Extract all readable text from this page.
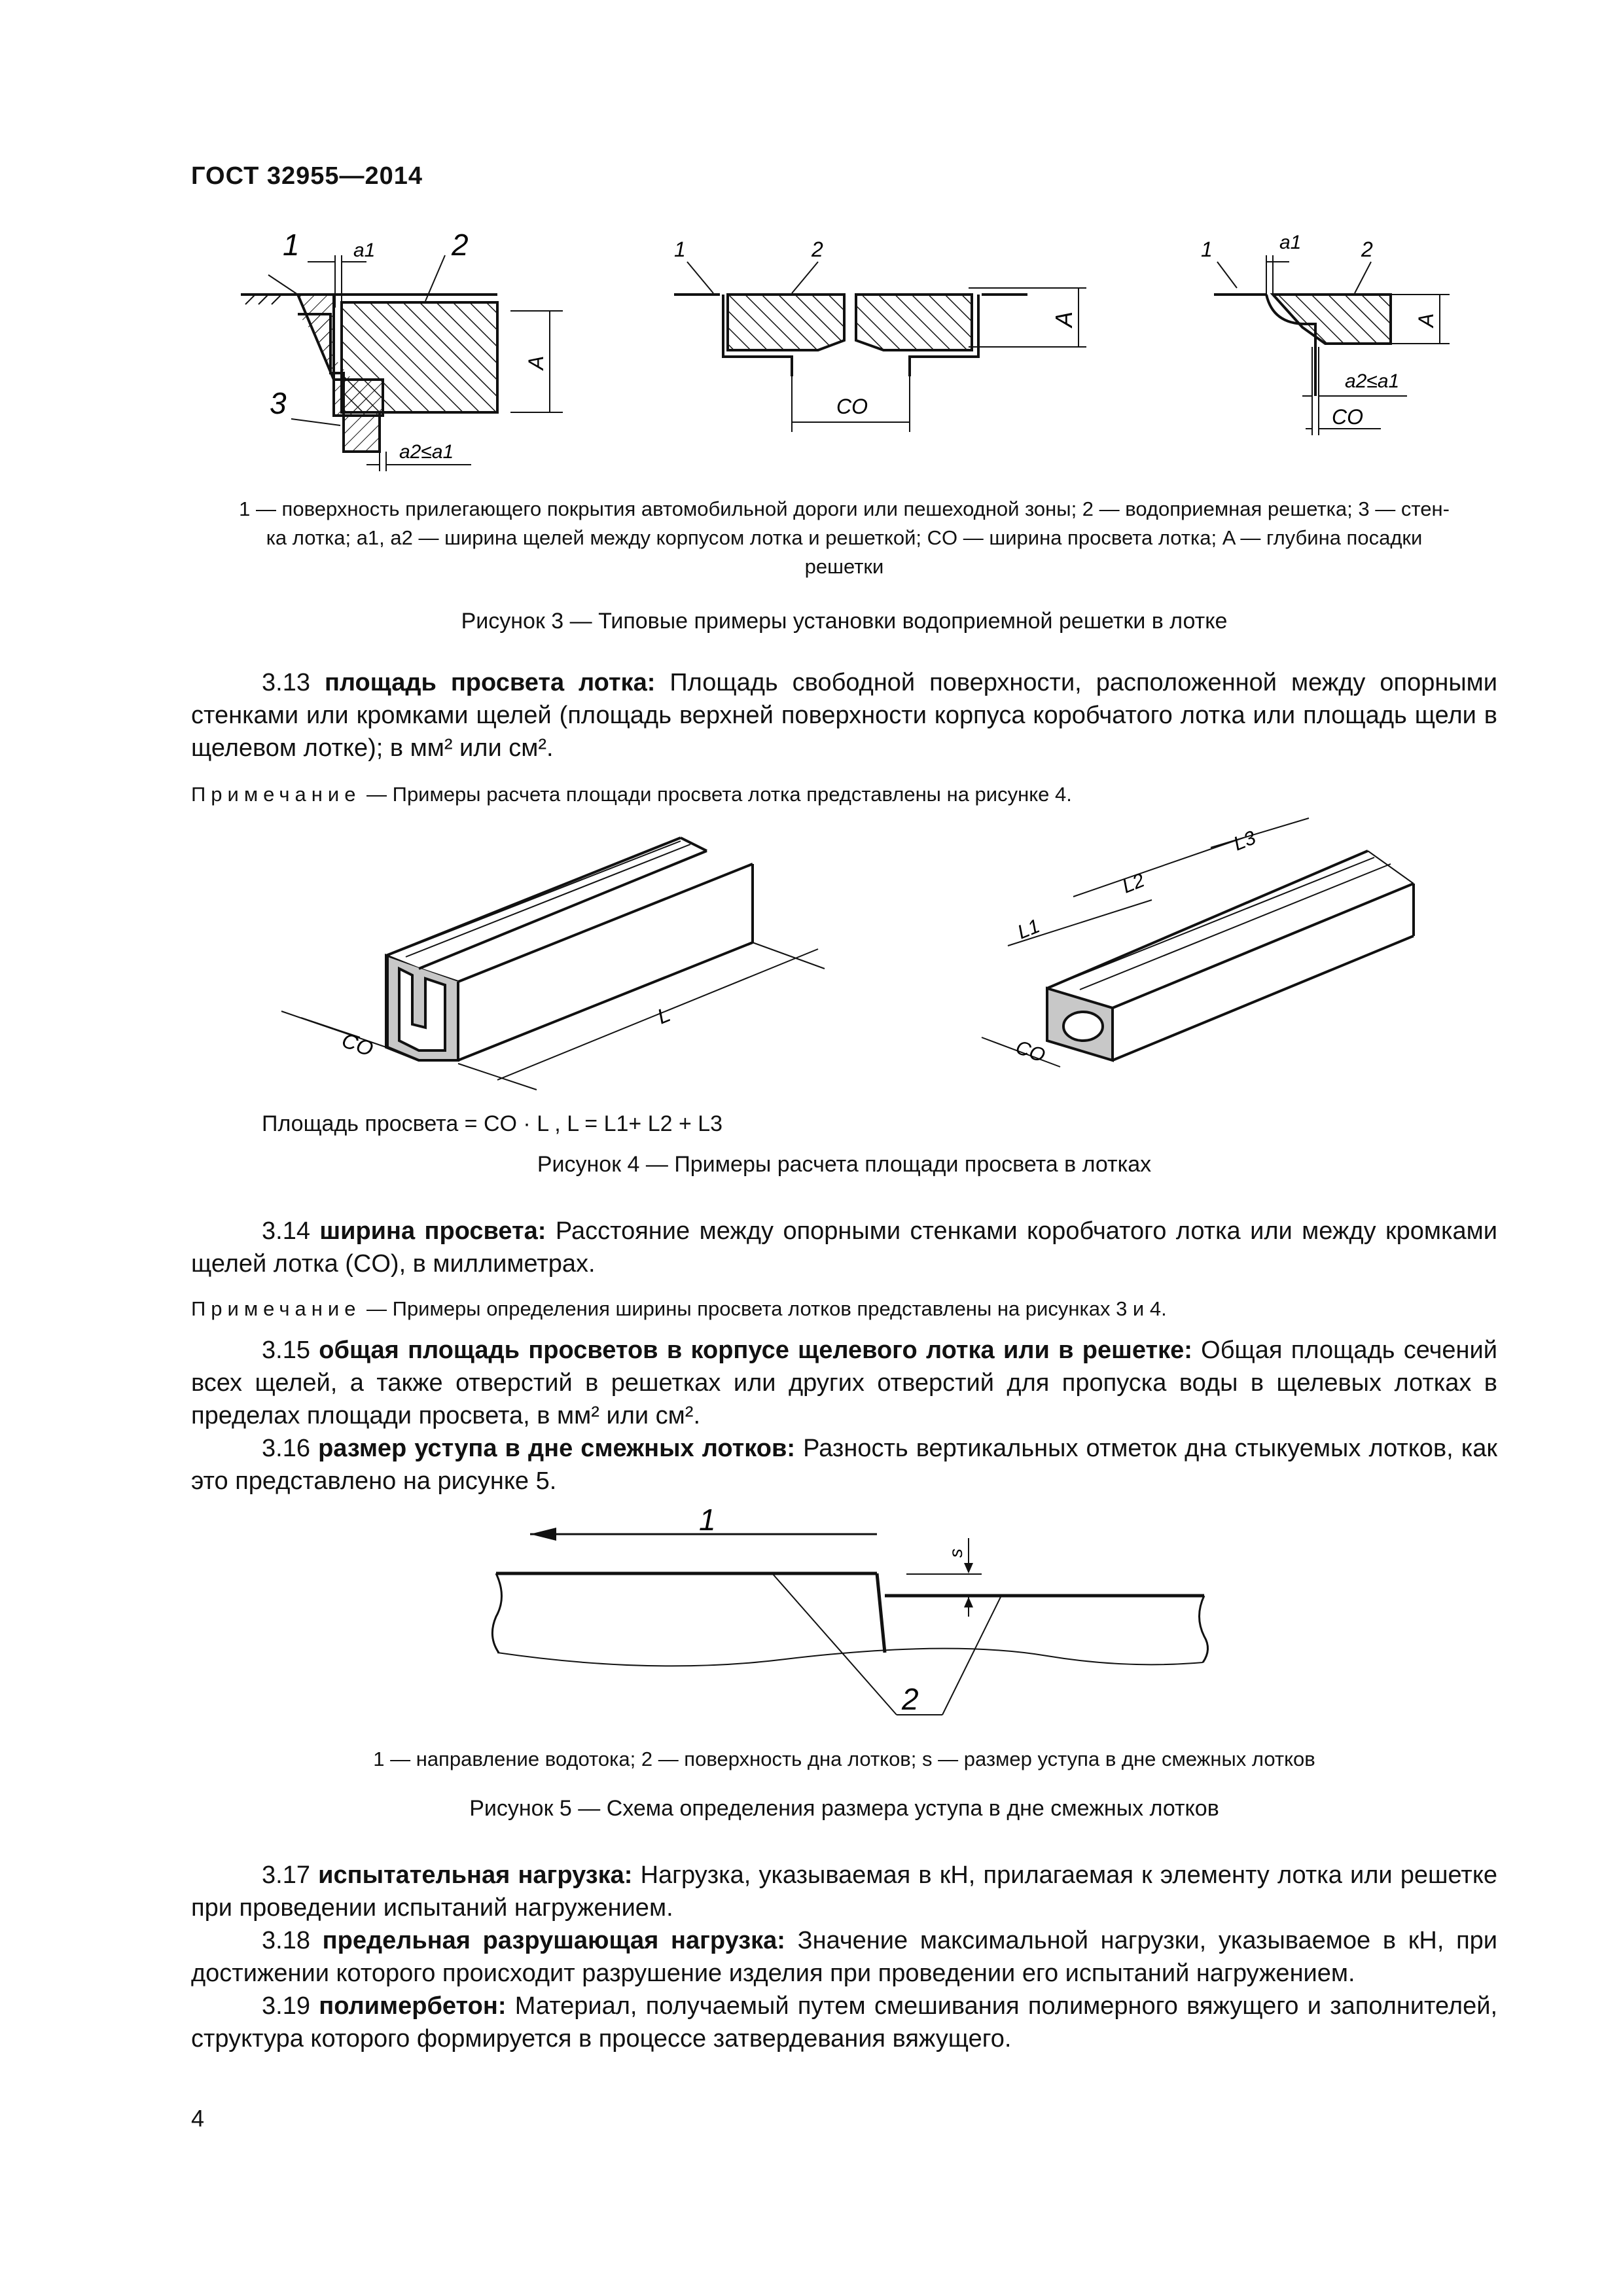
ГОСТ 32955—2014
1	a1	2
3
A
a2≤a1
1	2
A
CO
1	a1	2
A
a2≤a1
CO
1 — поверхность прилегающего покрытия автомобильной дороги или пешеходной зоны; 2 — водоприемная решетка; 3 — стен-
ка лотка; a1, a2 — ширина щелей между корпусом лотка и решеткой; CO — ширина просвета лотка; A — глубина посадки
решетки
Рисунок 3 — Типовые примеры установки водоприемной решетки в лотке
3.13 площадь просвета лотка: Площадь свободной поверхности, расположенной между опорными стенками или кромками щелей (площадь верхней поверхности корпуса коробчатого лотка или площадь щели в щелевом лотке); в мм² или см².
Примечание — Примеры расчета площади просвета лотка представлены на рисунке 4.
CO
L
CO
L1
L2
L3
Площадь просвета = CO · L , L = L1+ L2 + L3
Рисунок 4 — Примеры расчета площади просвета в лотках
3.14 ширина просвета: Расстояние между опорными стенками коробчатого лотка или между кромками щелей лотка (CO), в миллиметрах.
Примечание — Примеры определения ширины просвета лотков представлены на рисунках 3 и 4.
3.15 общая площадь просветов в корпусе щелевого лотка или в решетке: Общая площадь сечений всех щелей, а также отверстий в решетках или других отверстий для пропуска воды в щелевых лотках в пределах площади просвета, в мм² или см².
3.16 размер уступа в дне смежных лотков: Разность вертикальных отметок дна стыкуемых лотков, как это представлено на рисунке 5.
1
s
2
1 — направление водотока; 2 — поверхность дна лотков; s — размер уступа в дне смежных лотков
Рисунок 5 — Схема определения размера уступа в дне смежных лотков
3.17 испытательная нагрузка: Нагрузка, указываемая в кН, прилагаемая к элементу лотка или решетке при проведении испытаний нагружением.
3.18 предельная разрушающая нагрузка: Значение максимальной нагрузки, указываемое в кН, при достижении которого происходит разрушение изделия при проведении его испытаний нагружением.
3.19 полимербетон: Материал, получаемый путем смешивания полимерного вяжущего и заполнителей, структура которого формируется в процессе затвердевания вяжущего.
4
